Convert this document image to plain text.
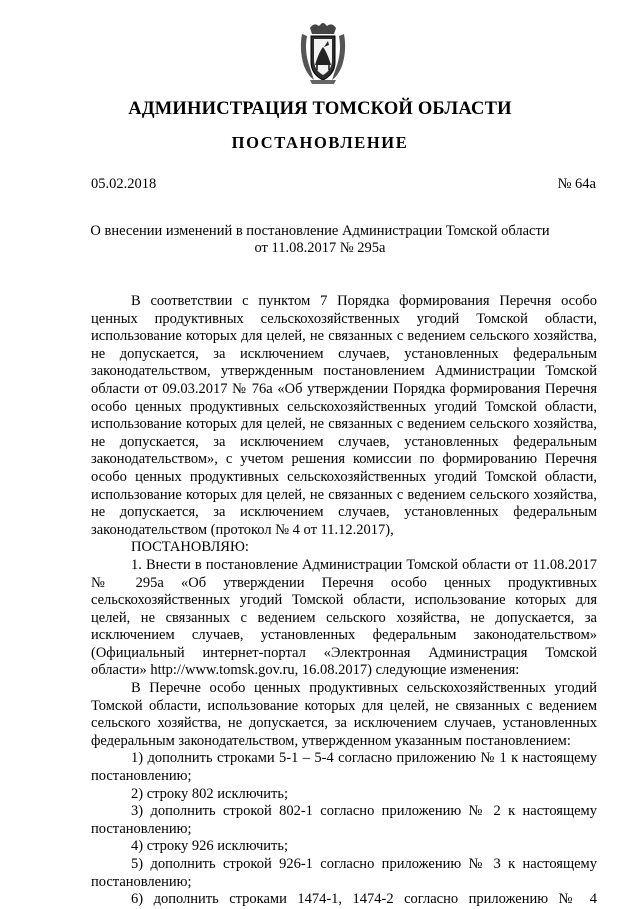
АДМИНИСТРАЦИЯ ТОМСКОЙ ОБЛАСТИ
ПОСТАНОВЛЕНИЕ
05.02.2018	№ 64а
О внесении изменений в постановление Администрации Томской области
от 11.08.2017 № 295а

В соответствии с пунктом 7 Порядка формирования Перечня особо ценных продуктивных сельскохозяйственных угодий Томской области, использование которых для целей, не связанных с ведением сельского хозяйства, не допускается, за исключением случаев, установленных федеральным законодательством, утвержденным постановлением Администрации Томской области от 09.03.2017 № 76а «Об утверждении Порядка формирования Перечня особо ценных продуктивных сельскохозяйственных угодий Томской области, использование которых для целей, не связанных с ведением сельского хозяйства, не допускается, за исключением случаев, установленных федеральным законодательством», с учетом решения комиссии по формированию Перечня особо ценных продуктивных сельскохозяйственных угодий Томской области, использование которых для целей, не связанных с ведением сельского хозяйства, не допускается, за исключением случаев, установленных федеральным законодательством (протокол № 4 от 11.12.2017),

ПОСТАНОВЛЯЮ:

1. Внести в постановление Администрации Томской области от 11.08.2017 № 295а «Об утверждении Перечня особо ценных продуктивных сельскохозяйственных угодий Томской области, использование которых для целей, не связанных с ведением сельского хозяйства, не допускается, за исключением случаев, установленных федеральным законодательством» (Официальный интернет-портал «Электронная Администрация Томской области» http://www.tomsk.gov.ru, 16.08.2017) следующие изменения:

В Перечне особо ценных продуктивных сельскохозяйственных угодий Томской области, использование которых для целей, не связанных с ведением сельского хозяйства, не допускается, за исключением случаев, установленных федеральным законодательством, утвержденном указанным постановлением:

1) дополнить строками 5-1 – 5-4 согласно приложению № 1 к настоящему постановлению;

2) строку 802 исключить;

3) дополнить строкой 802-1 согласно приложению № 2 к настоящему постановлению;

4) строку 926 исключить;

5) дополнить строкой 926-1 согласно приложению № 3 к настоящему постановлению;

6) дополнить строками 1474-1, 1474-2 согласно приложению № 4
